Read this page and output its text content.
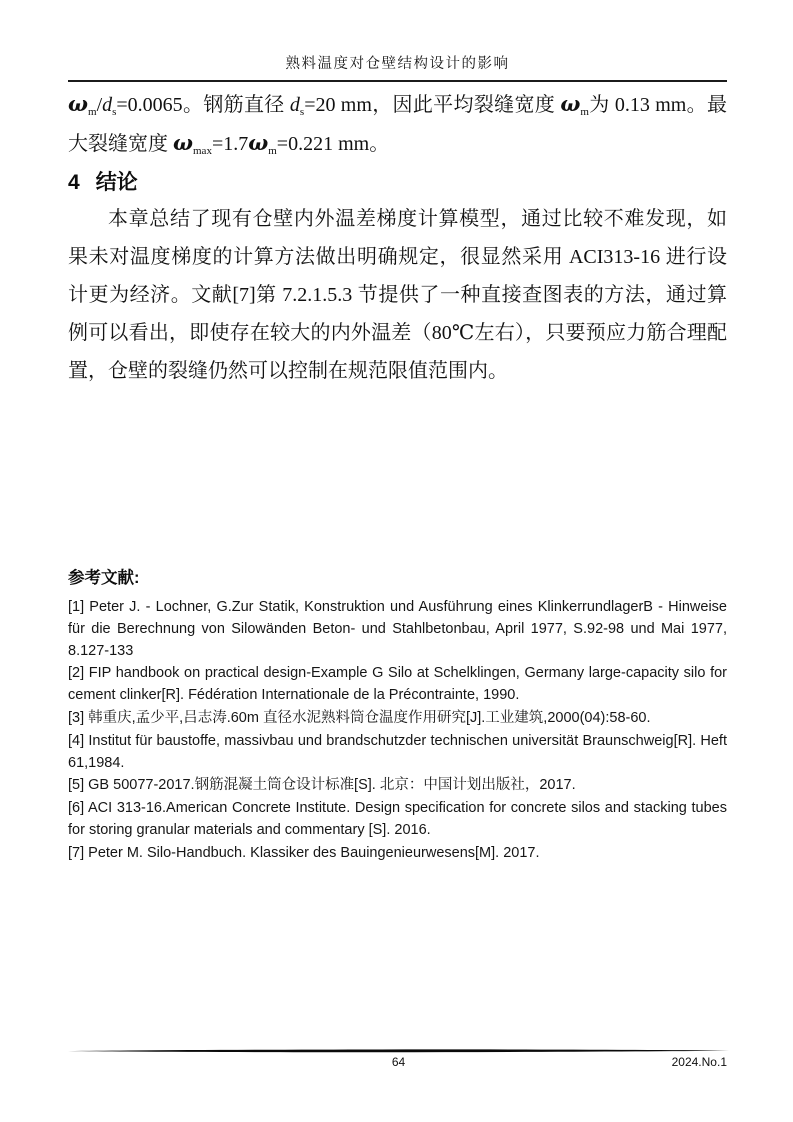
熟料温度对仓壁结构设计的影响

$\omega_m/d_s=0.0065$。钢筋直径 $d_s=20$ mm，因此平均裂缝宽度 $\omega_m$为 0.13 mm。最大裂缝宽度 $\omega_{max}=1.7\omega_m=0.221$ mm。

4 结论

本章总结了现有仓壁内外温差梯度计算模型，通过比较不难发现，如果未对温度梯度的计算方法做出明确规定，很显然采用 ACI313-16 进行设计更为经济。文献[7]第 7.2.1.5.3 节提供了一种直接查图表的方法，通过算例可以看出，即使存在较大的内外温差（80℃左右），只要预应力筋合理配置，仓壁的裂缝仍然可以控制在规范限值范围内。

参考文献:

[1] Peter J. - Lochner, G.Zur Statik, Konstruktion und Ausführung eines KlinkerrundlagerB - Hinweise für die Berechnung von Silowänden Beton- und Stahlbetonbau, April 1977, S.92-98 und Mai 1977, 8.127-133

[2] FIP handbook on practical design-Example G Silo at Schelklingen, Germany large-capacity silo for cement clinker[R]. Fédération Internationale de la Précontrainte, 1990.

[3] 韩重庆,孟少平,吕志涛.60m 直径水泥熟料筒仓温度作用研究[J].工业建筑,2000(04):58-60.

[4] Institut für baustoffe, massivbau und brandschutzder technischen universität Braunschweig[R]. Heft 61,1984.

[5] GB 50077-2017.钢筋混凝土筒仓设计标准[S]. 北京：中国计划出版社，2017.

[6] ACI 313-16.American Concrete Institute. Design specification for concrete silos and stacking tubes for storing granular materials and commentary [S]. 2016.

[7] Peter M. Silo-Handbuch. Klassiker des Bauingenieurwesens[M]. 2017.

64	2024.No.1
